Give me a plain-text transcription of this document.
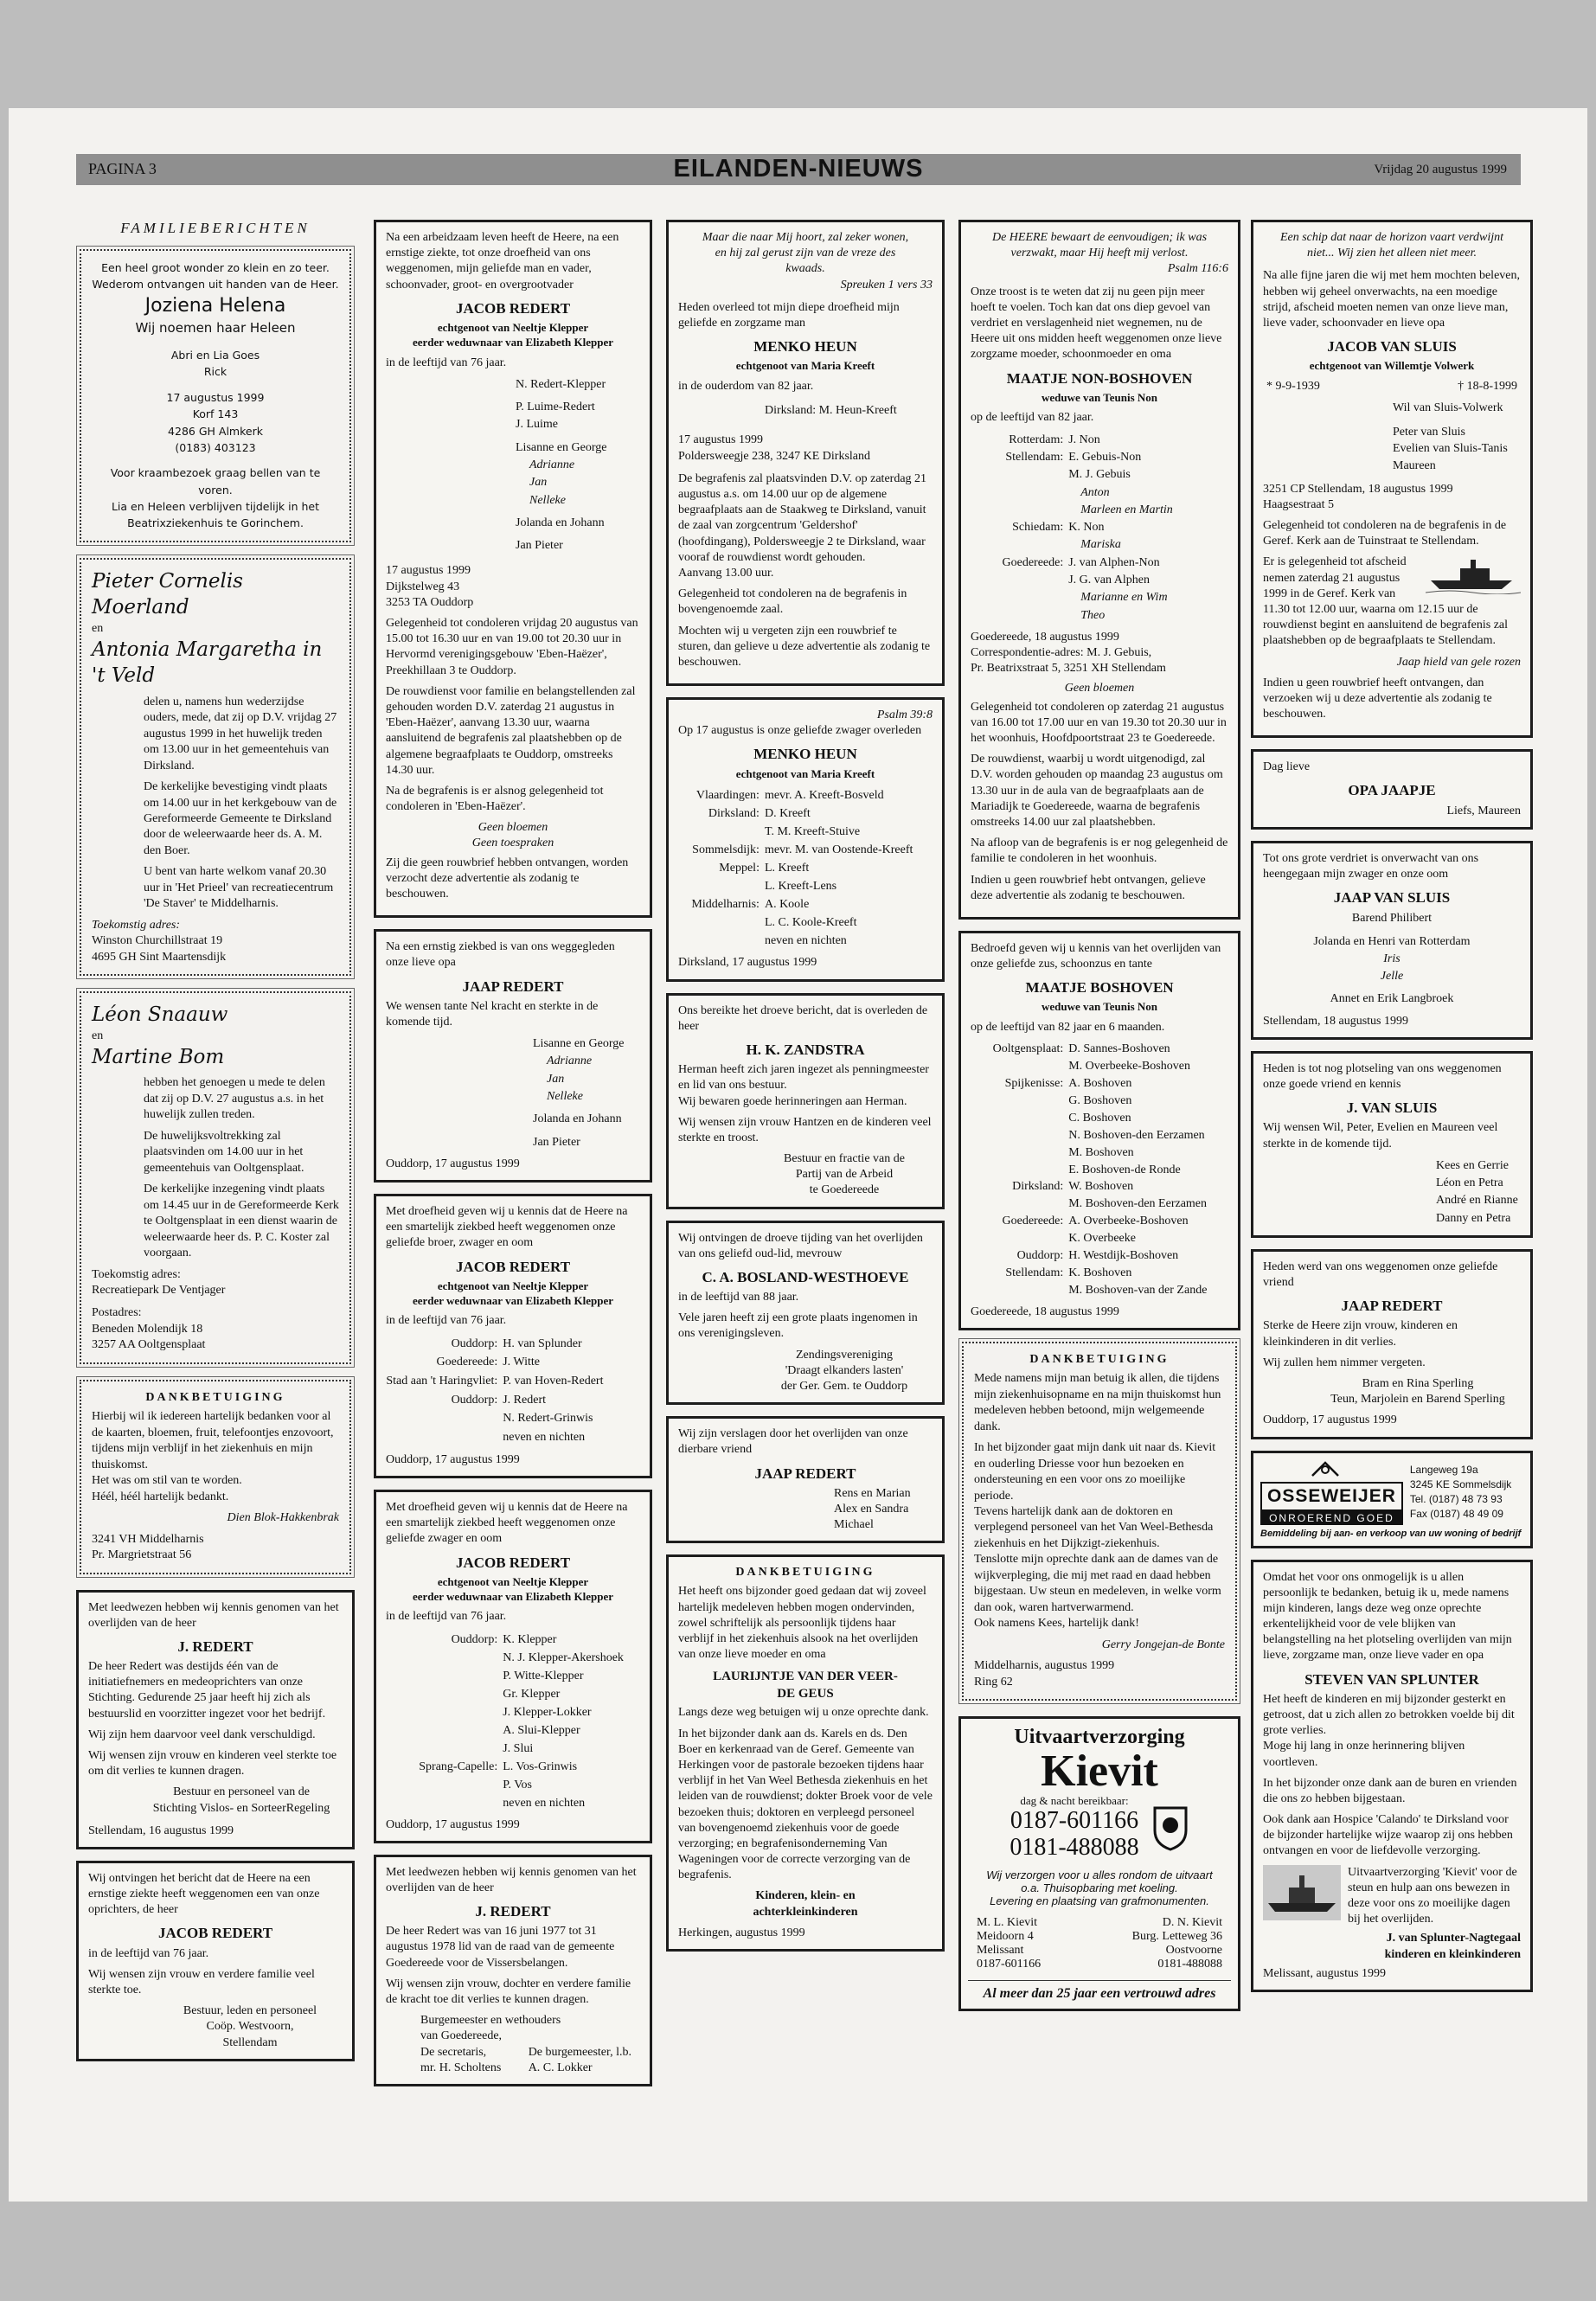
PAGINA 3	EILANDEN-NIEUWS	Vrijdag 20 augustus 1999
FAMILIEBERICHTEN
Een heel groot wonder zo klein en zo teer. Wederom ontvangen uit handen van de Heer.
Joziena Helena
Wij noemen haar Heleen
Abri en Lia Goes
Rick
17 augustus 1999
Korf 143
4286 GH Almkerk
(0183) 403123
Voor kraambezoek graag bellen van te voren.
Lia en Heleen verblijven tijdelijk in het Beatrixziekenhuis te Gorinchem.
Pieter Cornelis Moerland
en
Antonia Margaretha in 't Veld

delen u, namens hun wederzijdse ouders, mede, dat zij op D.V. vrijdag 27 augustus 1999 in het huwelijk treden om 13.00 uur in het gemeentehuis van Dirksland.

De kerkelijke bevestiging vindt plaats om 14.00 uur in het kerkgebouw van de Gereformeerde Gemeente te Dirksland door de weleerwaarde heer ds. A. M. den Boer.

U bent van harte welkom vanaf 20.30 uur in 'Het Prieel' van recreatiecentrum 'De Staver' te Middelharnis.

Toekomstig adres:
Winston Churchillstraat 19
4695 GH Sint Maartensdijk
Léon Snaauw
en
Martine Bom

hebben het genoegen u mede te delen dat zij op D.V. 27 augustus a.s. in het huwelijk zullen treden.

De huwelijksvoltrekking zal plaatsvinden om 14.00 uur in het gemeentehuis van Ooltgensplaat.

De kerkelijke inzegening vindt plaats om 14.45 uur in de Gereformeerde Kerk te Ooltgensplaat in een dienst waarin de weleerwaarde heer ds. P. C. Koster zal voorgaan.

Toekomstig adres:
Recreatiepark De Ventjager
Postadres:
Beneden Molendijk 18
3257 AA Ooltgensplaat
DANKBETUIGING
Hierbij wil ik iedereen hartelijk bedanken voor al de kaarten, bloemen, fruit, telefoontjes enzovoort, tijdens mijn verblijf in het ziekenhuis en mijn thuiskomst.
Het was om stil van te worden.
Héél, héél hartelijk bedankt.
Dien Blok-Hakkenbrak
3241 VH Middelharnis
Pr. Margrietstraat 56

Met leedwezen hebben wij kennis genomen van het overlijden van de heer

J. REDERT

De heer Redert was destijds één van de initiatiefnemers en medeoprichters van onze Stichting. Gedurende 25 jaar heeft hij zich als bestuurslid en voorzitter ingezet voor het bedrijf.

Wij zijn hem daarvoor veel dank verschuldigd.

Wij wensen zijn vrouw en kinderen veel sterkte toe om dit verlies te kunnen dragen.

Bestuur en personeel van de
Stichting Vislos- en SorteerRegeling
Stellendam, 16 augustus 1999

Wij ontvingen het bericht dat de Heere na een ernstige ziekte heeft weggenomen een van onze oprichters, de heer

JACOB REDERT

in de leeftijd van 76 jaar.

Wij wensen zijn vrouw en verdere familie veel sterkte toe.

Bestuur, leden en personeel
Coöp. Westvoorn,
Stellendam

Na een arbeidzaam leven heeft de Heere, na een ernstige ziekte, tot onze droefheid van ons weggenomen, mijn geliefde man en vader, schoonvader, groot- en overgrootvader

JACOB REDERT
echtgenoot van Neeltje Klepper
eerder weduwnaar van Elizabeth Klepper

in de leeftijd van 76 jaar.

N. Redert-Klepper
P. Luime-Redert
J. Luime
Lisanne en George
Adrianne
Jan
Nelleke
Jolanda en Johann
Jan Pieter
17 augustus 1999
Dijkstelweg 43
3253 TA Ouddorp

Gelegenheid tot condoleren vrijdag 20 augustus van 15.00 tot 16.30 uur en van 19.00 tot 20.30 uur in Hervormd verenigingsgebouw 'Eben-Haëzer', Preekhillaan 3 te Ouddorp.

De rouwdienst voor familie en belangstellenden zal gehouden worden D.V. zaterdag 21 augustus in 'Eben-Haëzer', aanvang 13.30 uur, waarna aansluitend de begrafenis zal plaatshebben op de algemene begraafplaats te Ouddorp, omstreeks 14.30 uur.

Na de begrafenis is er alsnog gelegenheid tot condoleren in 'Eben-Haëzer'.

Geen bloemen
Geen toespraken

Zij die geen rouwbrief hebben ontvangen, worden verzocht deze advertentie als zodanig te beschouwen.

Na een ernstig ziekbed is van ons weggegleden onze lieve opa

JAAP REDERT

We wensen tante Nel kracht en sterkte in de komende tijd.

Lisanne en George
Adrianne
Jan
Nelleke
Jolanda en Johann
Jan Pieter
Ouddorp, 17 augustus 1999

Met droefheid geven wij u kennis dat de Heere na een smartelijk ziekbed heeft weggenomen onze geliefde broer, zwager en oom

JACOB REDERT
echtgenoot van Neeltje Klepper
eerder weduwnaar van Elizabeth Klepper

in de leeftijd van 76 jaar.

Ouddorp: H. van Splunder
Goedereede: J. Witte
Stad aan 't Haringvliet: P. van Hoven-Redert
Ouddorp: J. Redert
N. Redert-Grinwis
neven en nichten
Ouddorp, 17 augustus 1999

Met droefheid geven wij u kennis dat de Heere na een smartelijk ziekbed heeft weggenomen onze geliefde zwager en oom

JACOB REDERT
echtgenoot van Neeltje Klepper
eerder weduwnaar van Elizabeth Klepper

in de leeftijd van 76 jaar.

Ouddorp: K. Klepper
N. J. Klepper-Akershoek
P. Witte-Klepper
Gr. Klepper
J. Klepper-Lokker
A. Slui-Klepper
J. Slui
Sprang-Capelle: L. Vos-Grinwis
P. Vos
neven en nichten
Ouddorp, 17 augustus 1999

Met leedwezen hebben wij kennis genomen van het overlijden van de heer

J. REDERT

De heer Redert was van 16 juni 1977 tot 31 augustus 1978 lid van de raad van de gemeente Goedereede voor de Vissersbelangen.

Wij wensen zijn vrouw, dochter en verdere familie de kracht toe dit verlies te kunnen dragen.

Burgemeester en wethouders
van Goedereede,
De secretaris,
mr. H. Scholtens
De burgemeester, l.b.
A. C. Lokker
Maar die naar Mij hoort, zal zeker wonen, en hij zal gerust zijn van de vreze des kwaads.
Spreuken 1 vers 33

Heden overleed tot mijn diepe droefheid mijn geliefde en zorgzame man

MENKO HEUN
echtgenoot van Maria Kreeft

in de ouderdom van 82 jaar.

Dirksland: M. Heun-Kreeft
17 augustus 1999
Poldersweegje 238, 3247 KE Dirksland
De begrafenis zal plaatsvinden D.V. op zaterdag 21 augustus a.s. om 14.00 uur op de algemene begraafplaats aan de Staakweg te Dirksland, vanuit de zaal van zorgcentrum 'Geldershof' (hoofdingang), Poldersweegje 2 te Dirksland, waar vooraf de rouwdienst wordt gehouden.

Aanvang 13.00 uur.

Gelegenheid tot condoleren na de begrafenis in bovengenoemde zaal.

Mochten wij u vergeten zijn een rouwbrief te sturen, dan gelieve u deze advertentie als zodanig te beschouwen.

Psalm 39:8

Op 17 augustus is onze geliefde zwager overleden

MENKO HEUN
echtgenoot van Maria Kreeft
Vlaardingen: mevr. A. Kreeft-Bosveld
Dirksland: D. Kreeft
T. M. Kreeft-Stuive
Sommelsdijk: mevr. M. van Oostende-Kreeft
Meppel: L. Kreeft
L. Kreeft-Lens
Middelharnis: A. Koole
L. C. Koole-Kreeft
neven en nichten
Dirksland, 17 augustus 1999

Ons bereikte het droeve bericht, dat is overleden de heer

H. K. ZANDSTRA
Herman heeft zich jaren ingezet als penningmeester en lid van ons bestuur.

Wij bewaren goede herinneringen aan Herman.

Wij wensen zijn vrouw Hantzen en de kinderen veel sterkte en troost.

Bestuur en fractie van de
Partij van de Arbeid
te Goedereede

Wij ontvingen de droeve tijding van het overlijden van ons geliefd oud-lid, mevrouw

C. A. BOSLAND-WESTHOEVE

in de leeftijd van 88 jaar.

Vele jaren heeft zij een grote plaats ingenomen in ons verenigingsleven.

Zendingsvereniging
'Draagt elkanders lasten'
der Ger. Gem. te Ouddorp

Wij zijn verslagen door het overlijden van onze dierbare vriend

JAAP REDERT
Rens en Marian
Alex en Sandra
Michael
DANKBETUIGING

Het heeft ons bijzonder goed gedaan dat wij zoveel hartelijk medeleven hebben mogen ondervinden, zowel schriftelijk als persoonlijk tijdens haar verblijf in het ziekenhuis alsook na het overlijden van onze lieve moeder en oma

LAURIJNTJE VAN DER VEER-DE GEUS

Langs deze weg betuigen wij u onze oprechte dank.

In het bijzonder dank aan ds. Karels en ds. Den Boer en kerkenraad van de Geref. Gemeente van Herkingen voor de pastorale bezoeken tijdens haar verblijf in het Van Weel Bethesda ziekenhuis en het leiden van de rouwdienst; dokter Broek voor de vele bezoeken thuis; doktoren en verpleegd personeel van bovengenoemd ziekenhuis voor de goede verzorging; en begrafenisonderneming Van Wageningen voor de correcte verzorging van de begrafenis.

Kinderen, klein- en
achterkleinkinderen
Herkingen, augustus 1999
De HEERE bewaart de eenvoudigen; ik was verzwakt, maar Hij heeft mij verlost.
Psalm 116:6

Onze troost is te weten dat zij nu geen pijn meer hoeft te voelen. Toch kan dat ons diep gevoel van verdriet en verslagenheid niet wegnemen, nu de Heere uit ons midden heeft weggenomen onze lieve zorgzame moeder, schoonmoeder en oma

MAATJE NON-BOSHOVEN
weduwe van Teunis Non

op de leeftijd van 82 jaar.

Rotterdam: J. Non
Stellendam: E. Gebuis-Non
M. J. Gebuis
Anton
Marleen en Martin
Schiedam: K. Non
Mariska
Goedereede: J. van Alphen-Non
J. G. van Alphen
Marianne en Wim
Theo
Goedereede, 18 augustus 1999
Correspondentie-adres: M. J. Gebuis,
Pr. Beatrixstraat 5, 3251 XH Stellendam
Geen bloemen

Gelegenheid tot condoleren op zaterdag 21 augustus van 16.00 tot 17.00 uur en van 19.30 tot 20.30 uur in het woonhuis, Hoofdpoortstraat 23 te Goedereede.

De rouwdienst, waarbij u wordt uitgenodigd, zal D.V. worden gehouden op maandag 23 augustus om 13.30 uur in de aula van de begraafplaats aan de Mariadijk te Goedereede, waarna de begrafenis omstreeks 14.00 uur zal plaatshebben.

Na afloop van de begrafenis is er nog gelegenheid de familie te condoleren in het woonhuis.

Indien u geen rouwbrief hebt ontvangen, gelieve deze advertentie als zodanig te beschouwen.

Bedroefd geven wij u kennis van het overlijden van onze geliefde zus, schoonzus en tante

MAATJE BOSHOVEN
weduwe van Teunis Non

op de leeftijd van 82 jaar en 6 maanden.

Ooltgensplaat: D. Sannes-Boshoven
M. Overbeeke-Boshoven
Spijkenisse: A. Boshoven
G. Boshoven
C. Boshoven
N. Boshoven-den Eerzamen
M. Boshoven
E. Boshoven-de Ronde
Dirksland: W. Boshoven
M. Boshoven-den Eerzamen
Goedereede: A. Overbeeke-Boshoven
K. Overbeeke
Ouddorp: H. Westdijk-Boshoven
Stellendam: K. Boshoven
M. Boshoven-van der Zande
Goedereede, 18 augustus 1999
DANKBETUIGING

Mede namens mijn man betuig ik allen, die tijdens mijn ziekenhuisopname en na mijn thuiskomst hun medeleven hebben betoond, mijn welgemeende dank.

In het bijzonder gaat mijn dank uit naar ds. Kievit en ouderling Driesse voor hun bezoeken en ondersteuning en een voor ons zo moeilijke periode.
Tevens hartelijk dank aan de doktoren en verplegend personeel van het Van Weel-Bethesda ziekenhuis en het Dijkzigt-ziekenhuis.
Tenslotte mijn oprechte dank aan de dames van de wijkverpleging, die mij met raad en daad hebben bijgestaan. Uw steun en medeleven, in welke vorm dan ook, waren hartverwarmend.

Ook namens Kees, hartelijk dank!

Gerry Jongejan-de Bonte
Middelharnis, augustus 1999
Ring 62
Uitvaartverzorging
Kievit
dag & nacht bereikbaar:
0187-601166
0181-488088
Wij verzorgen voor u alles rondom de uitvaart
o.a. Thuisopbaring met koeling.
Levering en plaatsing van grafmonumenten.
M. L. Kievit
Meidoorn 4
Melissant
0187-601166
D. N. Kievit
Burg. Letteweg 36
Oostvoorne
0181-488088
Al meer dan 25 jaar een vertrouwd adres
Een schip dat naar de horizon vaart verdwijnt niet... Wij zien het alleen niet meer.

Na alle fijne jaren die wij met hem mochten beleven, hebben wij geheel onverwachts, na een moedige strijd, afscheid moeten nemen van onze lieve man, lieve vader, schoonvader en lieve opa

JACOB VAN SLUIS
echtgenoot van Willemtje Volwerk
* 9-9-1939	† 18-8-1999
Wil van Sluis-Volwerk
Peter van Sluis
Evelien van Sluis-Tanis
Maureen
3251 CP Stellendam, 18 augustus 1999
Haagsestraat 5

Gelegenheid tot condoleren na de begrafenis in de Geref. Kerk aan de Tuinstraat te Stellendam.

Er is gelegenheid tot afscheid nemen zaterdag 21 augustus 1999 in de Geref. Kerk van 11.30 tot 12.00 uur, waarna om 12.15 uur de rouwdienst begint en aansluitend de begrafenis zal plaatshebben op de begraafplaats te Stellendam.

Jaap hield van gele rozen

Indien u geen rouwbrief heeft ontvangen, dan verzoeken wij u deze advertentie als zodanig te beschouwen.

Dag lieve
OPA JAAPJE
Liefs, Maureen

Tot ons grote verdriet is onverwacht van ons heengegaan mijn zwager en onze oom

JAAP VAN SLUIS
Barend Philibert
Jolanda en Henri van Rotterdam
Iris
Jelle
Annet en Erik Langbroek
Stellendam, 18 augustus 1999

Heden is tot nog plotseling van ons weggenomen onze goede vriend en kennis

J. VAN SLUIS

Wij wensen Wil, Peter, Evelien en Maureen veel sterkte in de komende tijd.

Kees en Gerrie
Léon en Petra
André en Rianne
Danny en Petra

Heden werd van ons weggenomen onze geliefde vriend

JAAP REDERT

Sterke de Heere zijn vrouw, kinderen en kleinkinderen in dit verlies.

Wij zullen hem nimmer vergeten.

Bram en Rina Sperling
Teun, Marjolein en Barend Sperling
Ouddorp, 17 augustus 1999
OSSEWEIJER
ONROEREND GOED
Langeweg 19a
3245 KE Sommelsdijk
Tel. (0187) 48 73 93
Fax (0187) 48 49 09
Bemiddeling bij aan- en verkoop van uw woning of bedrijf

Omdat het voor ons onmogelijk is u allen persoonlijk te bedanken, betuig ik u, mede namens mijn kinderen, langs deze weg onze oprechte erkentelijkheid voor de vele blijken van belangstelling na het plotseling overlijden van mijn lieve, zorgzame man, onze lieve vader en opa

STEVEN VAN SPLUNTER
Het heeft de kinderen en mij bijzonder gesterkt en getroost, dat u zich allen zo betrokken voelde bij dit grote verlies.

Moge hij lang in onze herinnering blijven voortleven.

In het bijzonder onze dank aan de buren en vrienden die ons zo hebben bijgestaan.

Ook dank aan Hospice 'Calando' te Dirksland voor de bijzonder hartelijke wijze waarop zij ons hebben ontvangen en voor de liefdevolle verzorging.

Uitvaartverzorging 'Kievit' voor de steun en hulp aan ons bewezen in deze voor ons zo moeilijke dagen bij het overlijden.
J. van Splunter-Nagtegaal
kinderen en kleinkinderen
Melissant, augustus 1999
